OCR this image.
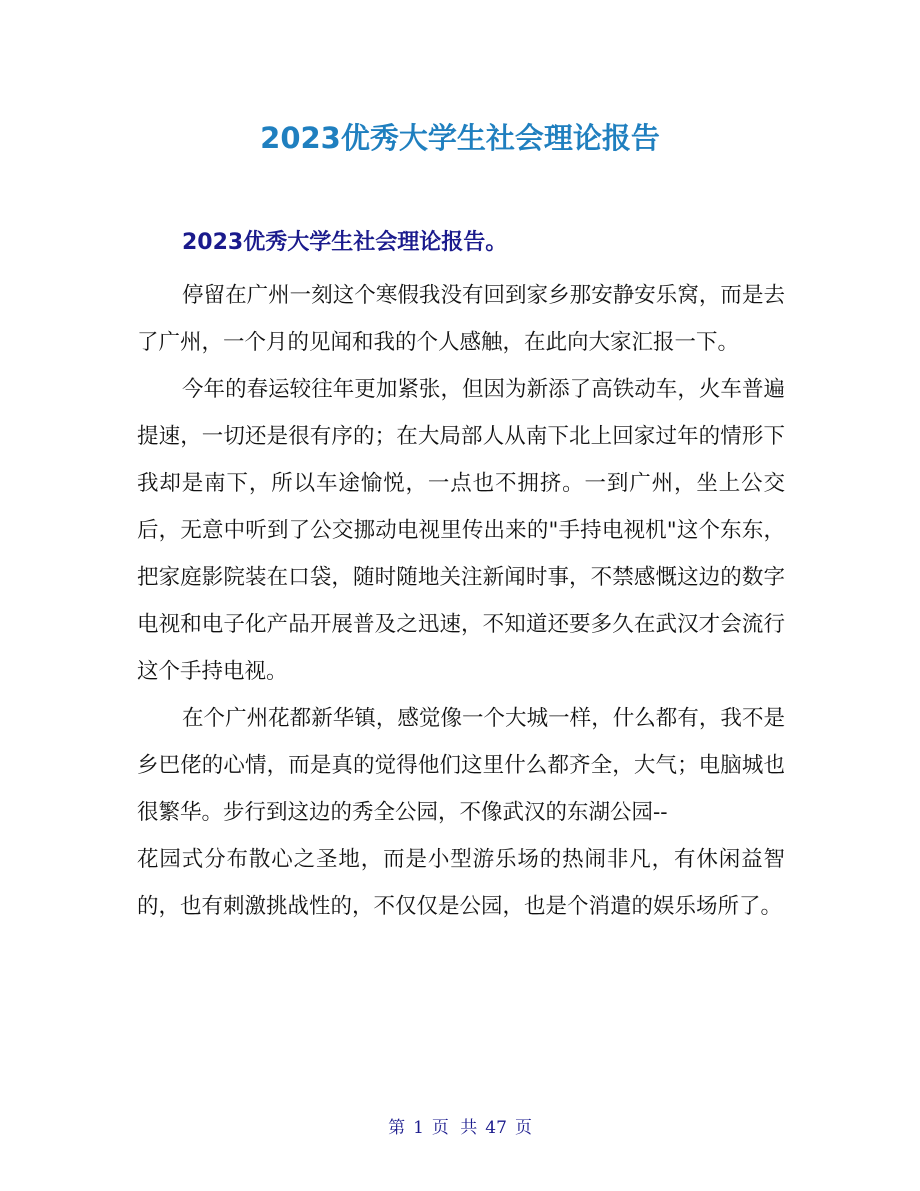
2023优秀大学生社会理论报告
2023优秀大学生社会理论报告。

停留在广州一刻这个寒假我没有回到家乡那安静安乐窝，而是去了广州，一个月的见闻和我的个人感触，在此向大家汇报一下。

今年的春运较往年更加紧张，但因为新添了高铁动车，火车普遍提速，一切还是很有序的；在大局部人从南下北上回家过年的情形下我却是南下，所以车途愉悦，一点也不拥挤。一到广州，坐上公交后，无意中听到了公交挪动电视里传出来的"手持电视机"这个东东，把家庭影院装在口袋，随时随地关注新闻时事，不禁感慨这边的数字电视和电子化产品开展普及之迅速，不知道还要多久在武汉才会流行这个手持电视。

在个广州花都新华镇，感觉像一个大城一样，什么都有，我不是乡巴佬的心情，而是真的觉得他们这里什么都齐全，大气；电脑城也很繁华。步行到这边的秀全公园，不像武汉的东湖公园--

花园式分布散心之圣地，而是小型游乐场的热闹非凡，有休闲益智的，也有刺激挑战性的，不仅仅是公园，也是个消遣的娱乐场所了。

第 1 页 共 47 页
